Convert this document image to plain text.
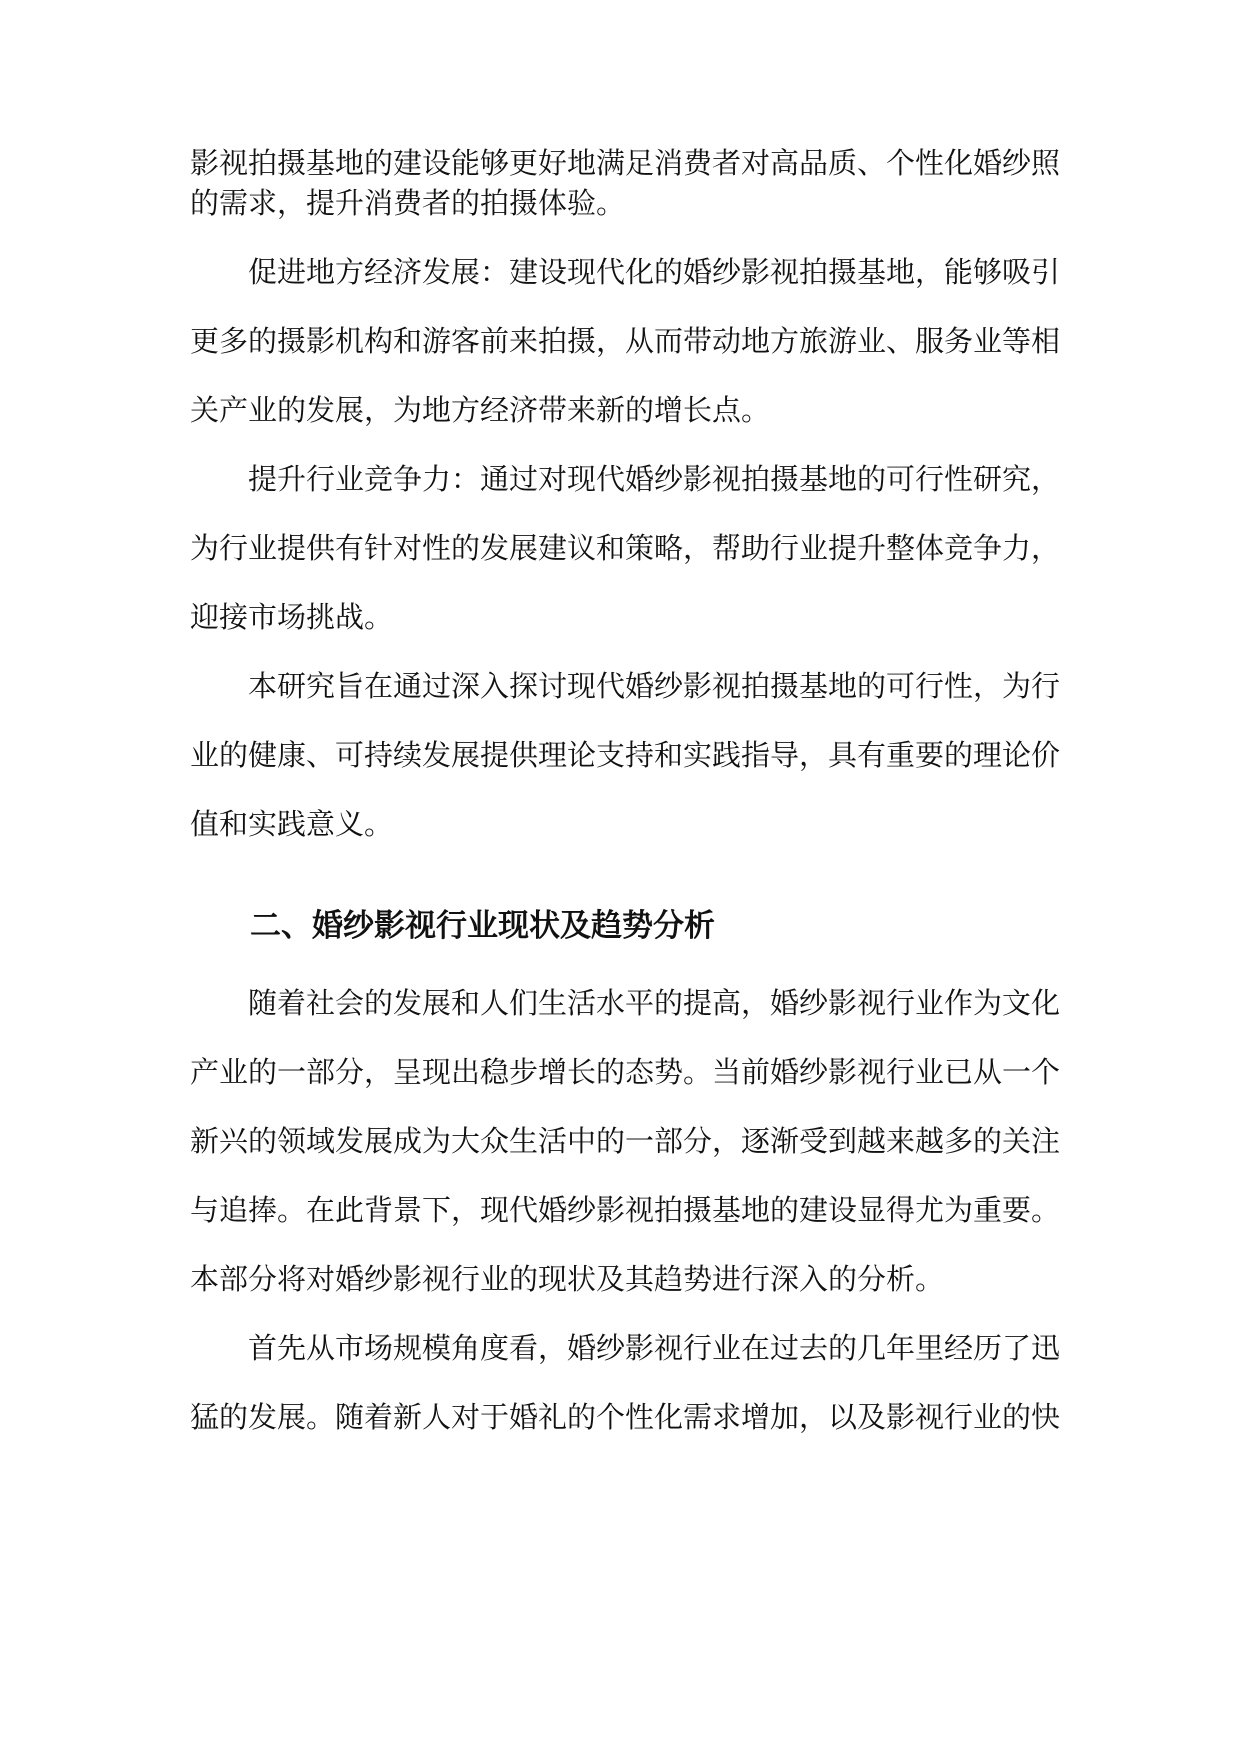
影视拍摄基地的建设能够更好地满足消费者对高品质、个性化婚纱照
的需求，提升消费者的拍摄体验。
促进地方经济发展：建设现代化的婚纱影视拍摄基地，能够吸引
更多的摄影机构和游客前来拍摄，从而带动地方旅游业、服务业等相
关产业的发展，为地方经济带来新的增长点。
提升行业竞争力：通过对现代婚纱影视拍摄基地的可行性研究，
为行业提供有针对性的发展建议和策略，帮助行业提升整体竞争力，
迎接市场挑战。
本研究旨在通过深入探讨现代婚纱影视拍摄基地的可行性，为行
业的健康、可持续发展提供理论支持和实践指导，具有重要的理论价
值和实践意义。
二、婚纱影视行业现状及趋势分析
随着社会的发展和人们生活水平的提高，婚纱影视行业作为文化
产业的一部分，呈现出稳步增长的态势。当前婚纱影视行业已从一个
新兴的领域发展成为大众生活中的一部分，逐渐受到越来越多的关注
与追捧。在此背景下，现代婚纱影视拍摄基地的建设显得尤为重要。
本部分将对婚纱影视行业的现状及其趋势进行深入的分析。
首先从市场规模角度看，婚纱影视行业在过去的几年里经历了迅
猛的发展。随着新人对于婚礼的个性化需求增加，以及影视行业的快
